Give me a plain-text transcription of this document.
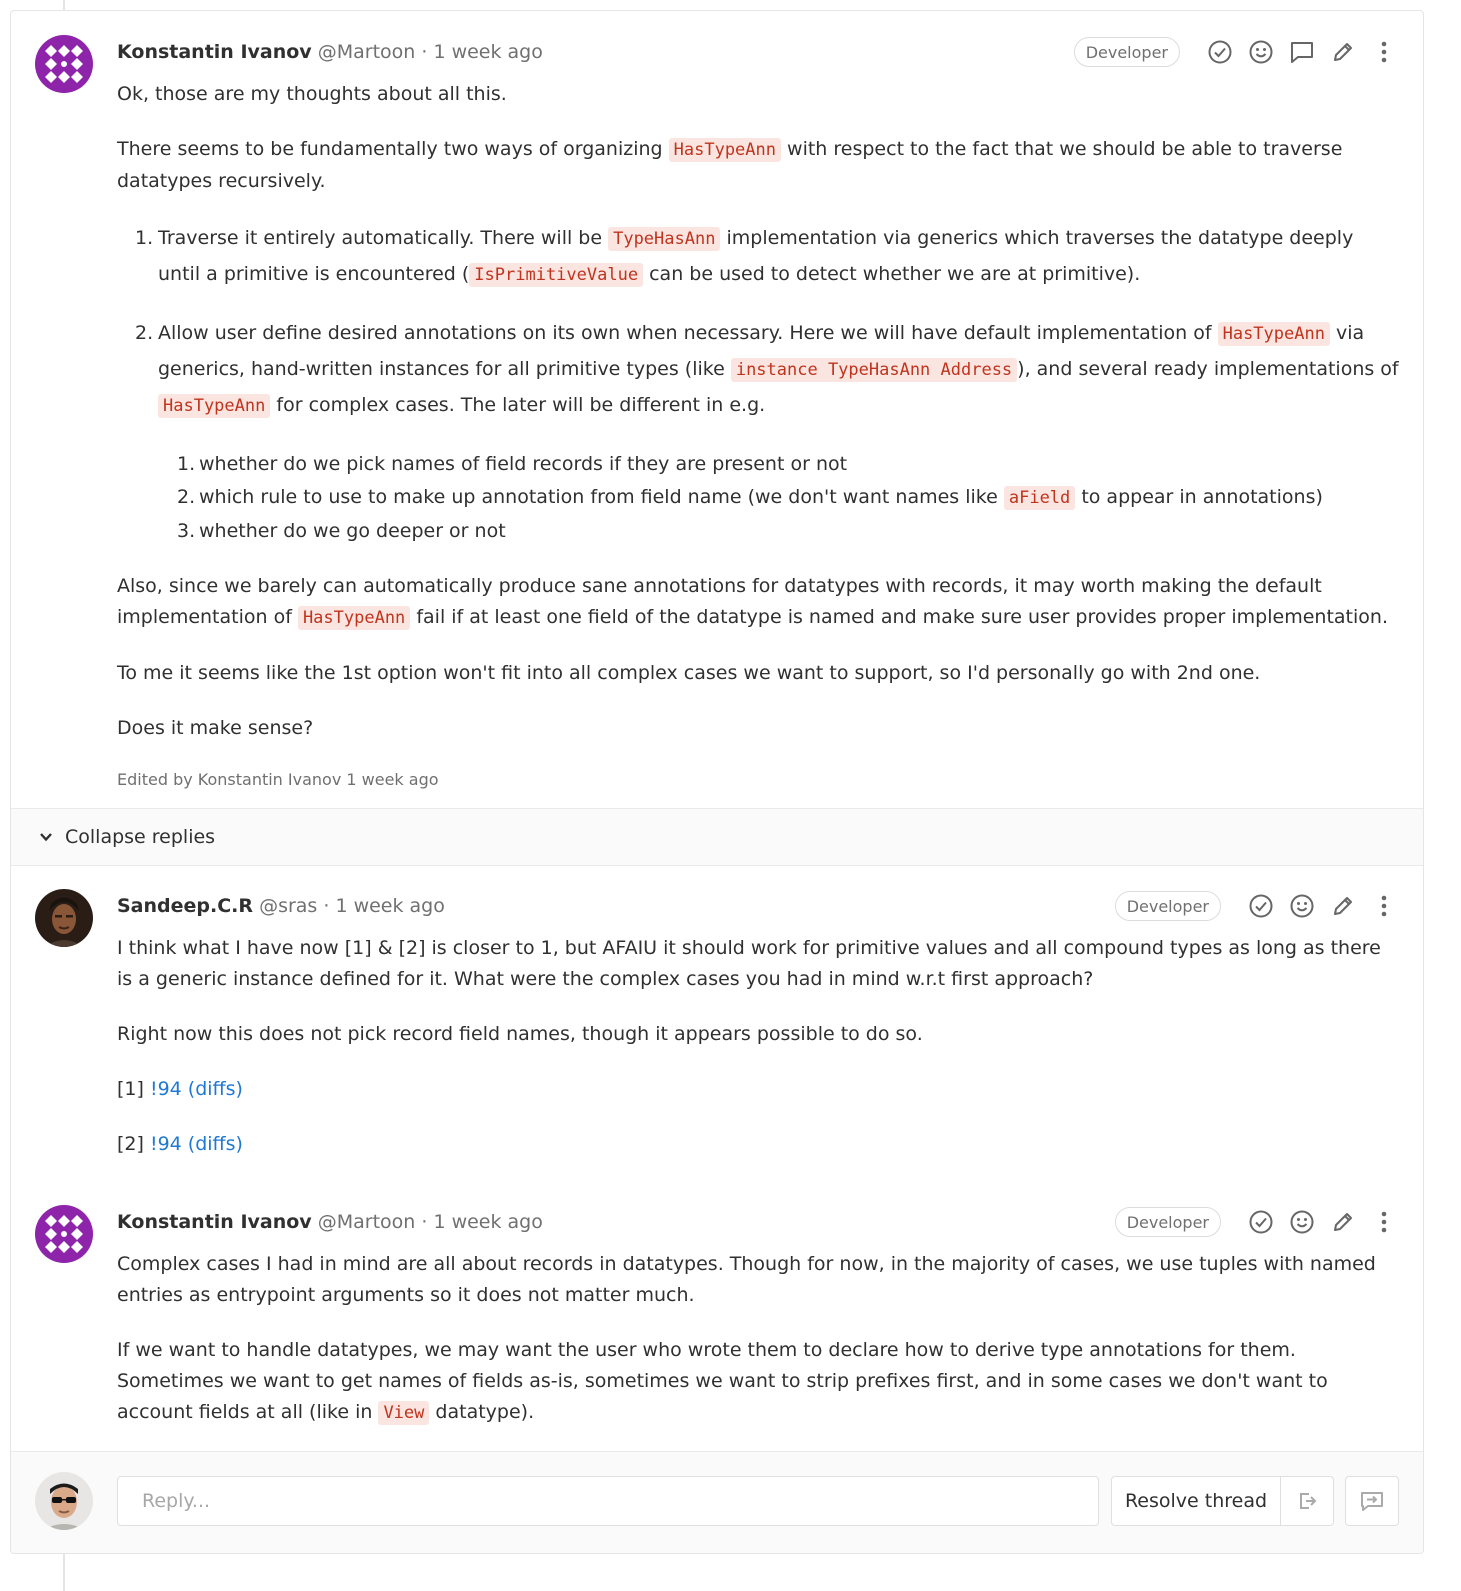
Konstantin Ivanov @Martoon · 1 week ago	Developer

Ok, those are my thoughts about all this.

There seems to be fundamentally two ways of organizing HasTypeAnn with respect to the fact that we should be able to traverse datatypes recursively.

1. Traverse it entirely automatically. There will be TypeHasAnn implementation via generics which traverses the datatype deeply until a primitive is encountered ( IsPrimitiveValue can be used to detect whether we are at primitive).
2. Allow user define desired annotations on its own when necessary. Here we will have default implementation of HasTypeAnn via generics, hand-written instances for all primitive types (like instance TypeHasAnn Address ), and several ready implementations of HasTypeAnn for complex cases. The later will be different in e.g.
1. whether do we pick names of field records if they are present or not
2. which rule to use to make up annotation from field name (we don't want names like aField to appear in annotations)
3. whether do we go deeper or not

Also, since we barely can automatically produce sane annotations for datatypes with records, it may worth making the default implementation of HasTypeAnn fail if at least one field of the datatype is named and make sure user provides proper implementation.

To me it seems like the 1st option won't fit into all complex cases we want to support, so I'd personally go with 2nd one.

Does it make sense?

Edited by Konstantin Ivanov 1 week ago

Collapse replies
Sandeep.C.R @sras · 1 week ago	Developer

I think what I have now [1] & [2] is closer to 1, but AFAIU it should work for primitive values and all compound types as long as there is a generic instance defined for it. What were the complex cases you had in mind w.r.t first approach?

Right now this does not pick record field names, though it appears possible to do so.

[1] !94 (diffs)

[2] !94 (diffs)

Konstantin Ivanov @Martoon · 1 week ago	Developer

Complex cases I had in mind are all about records in datatypes. Though for now, in the majority of cases, we use tuples with named entries as entrypoint arguments so it does not matter much.

If we want to handle datatypes, we may want the user who wrote them to declare how to derive type annotations for them. Sometimes we want to get names of fields as-is, sometimes we want to strip prefixes first, and in some cases we don't want to account fields at all (like in View datatype).

Reply...	Resolve thread
